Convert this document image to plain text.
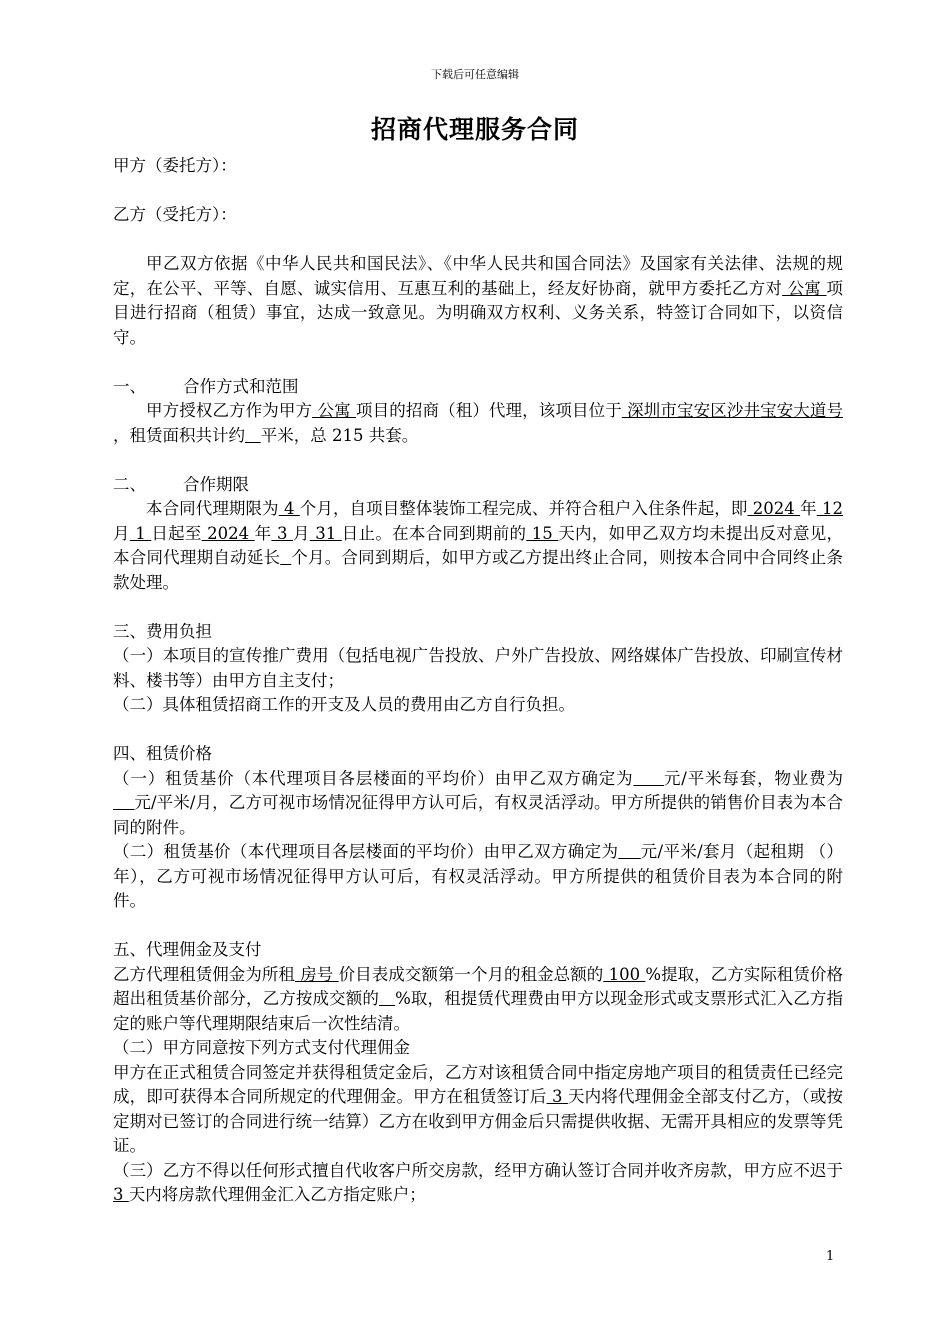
下载后可任意编辑
招商代理服务合同

甲方（委托方）：

乙方（受托方）：

甲乙双方依据《中华人民共和国民法》、《中华人民共和国合同法》及国家有关法律、法规的规定，在公平、平等、自愿、诚实信用、互惠互利的基础上，经友好协商，就甲方委托乙方对 公寓 项目进行招商（租赁）事宜，达成一致意见。为明确双方权利、义务关系，特签订合同如下，以资信守。

一、 合作方式和范围

甲方授权乙方作为甲方 公寓 项目的招商（租）代理，该项目位于 深圳市宝安区沙井宝安大道号 ，租赁面积共计约 平米，总 215 共套。

二、 合作期限

本合同代理期限为 4 个月，自项目整体装饰工程完成、并符合租户入住条件起，即 2024 年 12 月 1 日起至 2024 年 3 月 31 日止。在本合同到期前的 15 天内，如甲乙双方均未提出反对意见，本合同代理期自动延长 个月。合同到期后，如甲方或乙方提出终止合同，则按本合同中合同终止条款处理。

三、费用负担

（一）本项目的宣传推广费用（包括电视广告投放、户外广告投放、网络媒体广告投放、印刷宣传材料、楼书等）由甲方自主支付；

（二）具体租赁招商工作的开支及人员的费用由乙方自行负担。

四、租赁价格

（一）租赁基价（本代理项目各层楼面的平均价）由甲乙双方确定为 元/平米每套，物业费为    元/平米/月，乙方可视市场情况征得甲方认可后，有权灵活浮动。甲方所提供的销售价目表为本合同的附件。

（二）租赁基价（本代理项目各层楼面的平均价）由甲乙双方确定为 元/平米/套月（起租期 （）年），乙方可视市场情况征得甲方认可后，有权灵活浮动。甲方所提供的租赁价目表为本合同的附件。

五、代理佣金及支付

乙方代理租赁佣金为所租 房号 价目表成交额第一个月的租金总额的 100 %提取，乙方实际租赁价格超出租赁基价部分，乙方按成交额的 %取，租提赁代理费由甲方以现金形式或支票形式汇入乙方指定的账户等代理期限结束后一次性结清。

（二）甲方同意按下列方式支付代理佣金

甲方在正式租赁合同签定并获得租赁定金后，乙方对该租赁合同中指定房地产项目的租赁责任已经完成，即可获得本合同所规定的代理佣金。甲方在租赁签订后 3 天内将代理佣金全部支付乙方，（或按定期对已签订的合同进行统一结算）乙方在收到甲方佣金后只需提供收据、无需开具相应的发票等凭证。

（三）乙方不得以任何形式擅自代收客户所交房款，经甲方确认签订合同并收齐房款，甲方应不迟于 3 天内将房款代理佣金汇入乙方指定账户；

1
